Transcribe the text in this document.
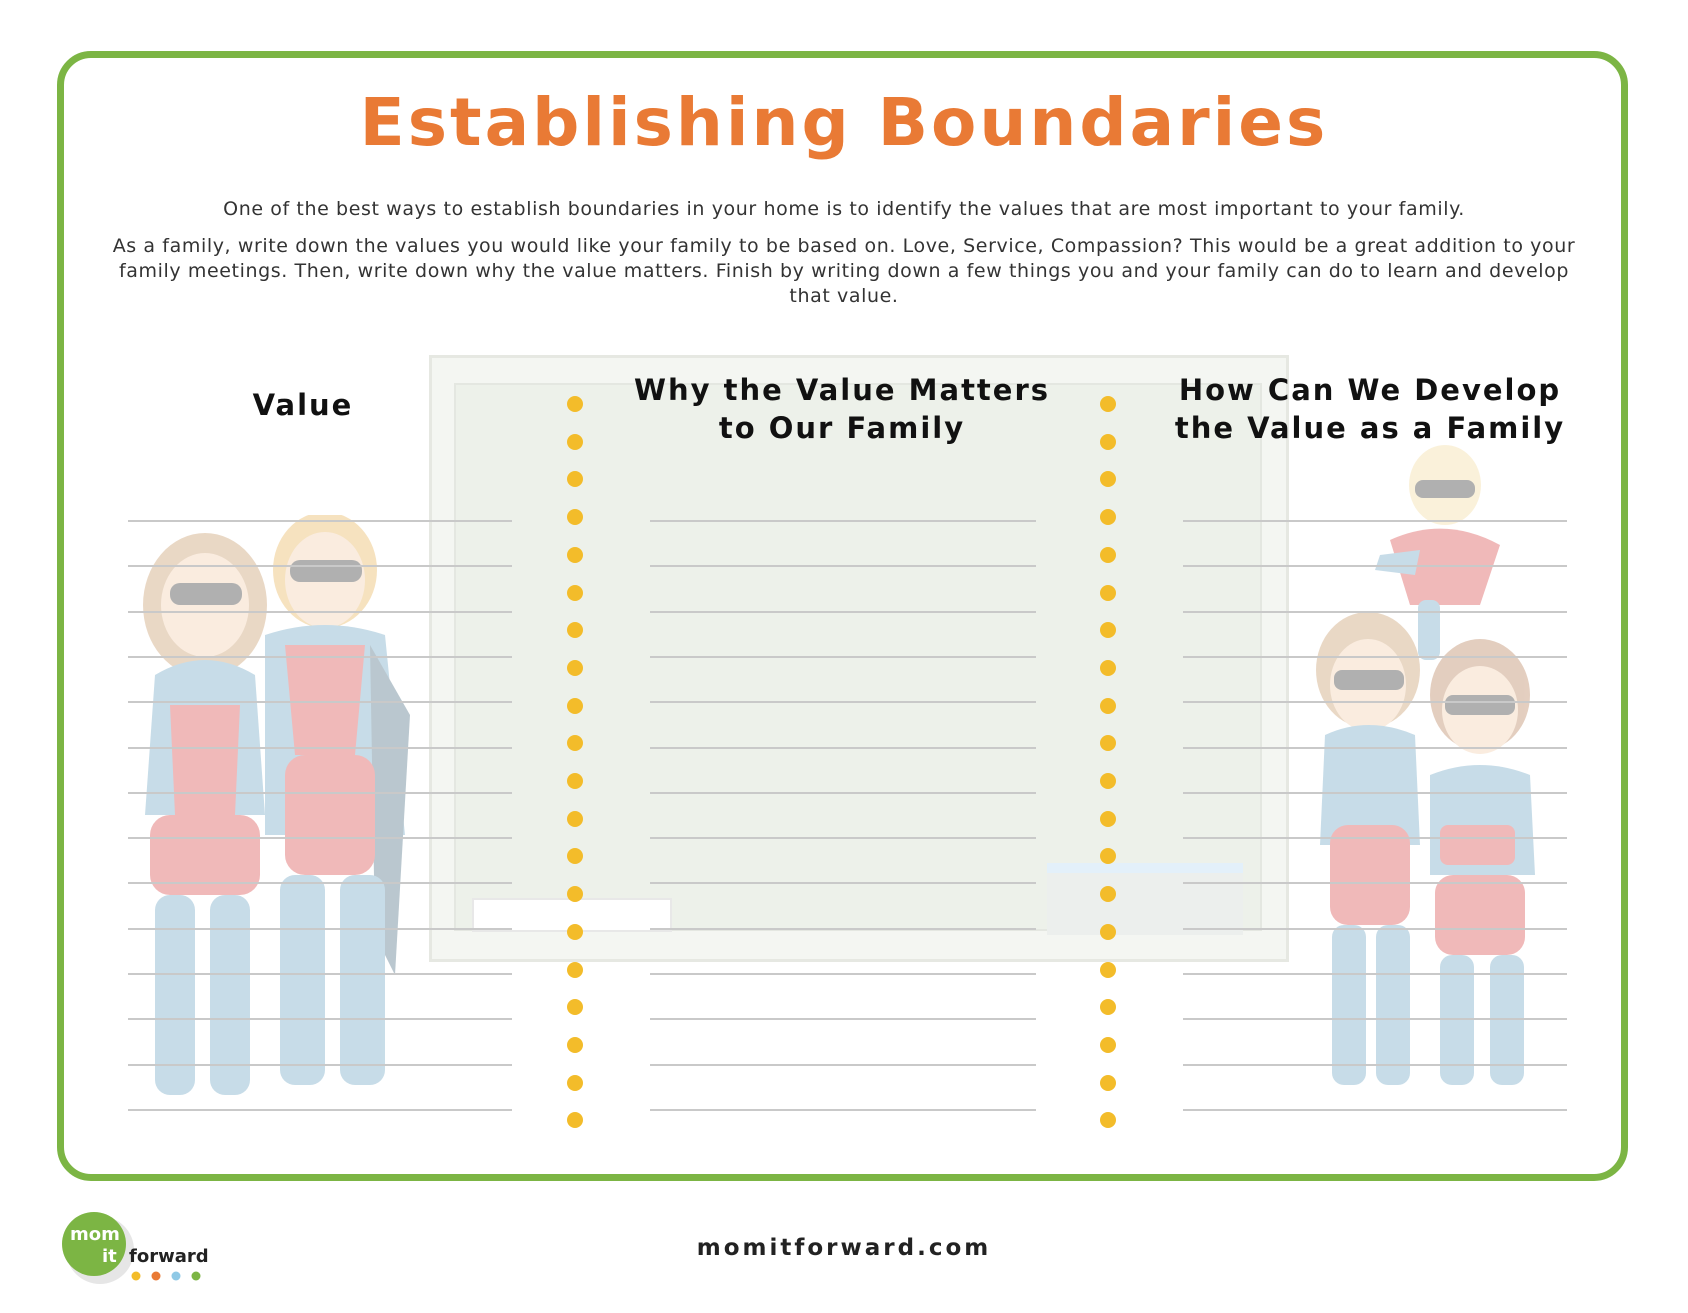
Establishing Boundaries

One of the best ways to establish boundaries in your home is to identify the values that are most important to your family.

As a family, write down the values you would like your family to be based on. Love, Service, Compassion? This would be a great addition to your family meetings. Then, write down why the value matters. Finish by writing down a few things you and your family can do to learn and develop that value.

Value	Why the Value Matters to Our Family
How Can We Develop the Value as a Family
mom
it forward	momitforward.com
